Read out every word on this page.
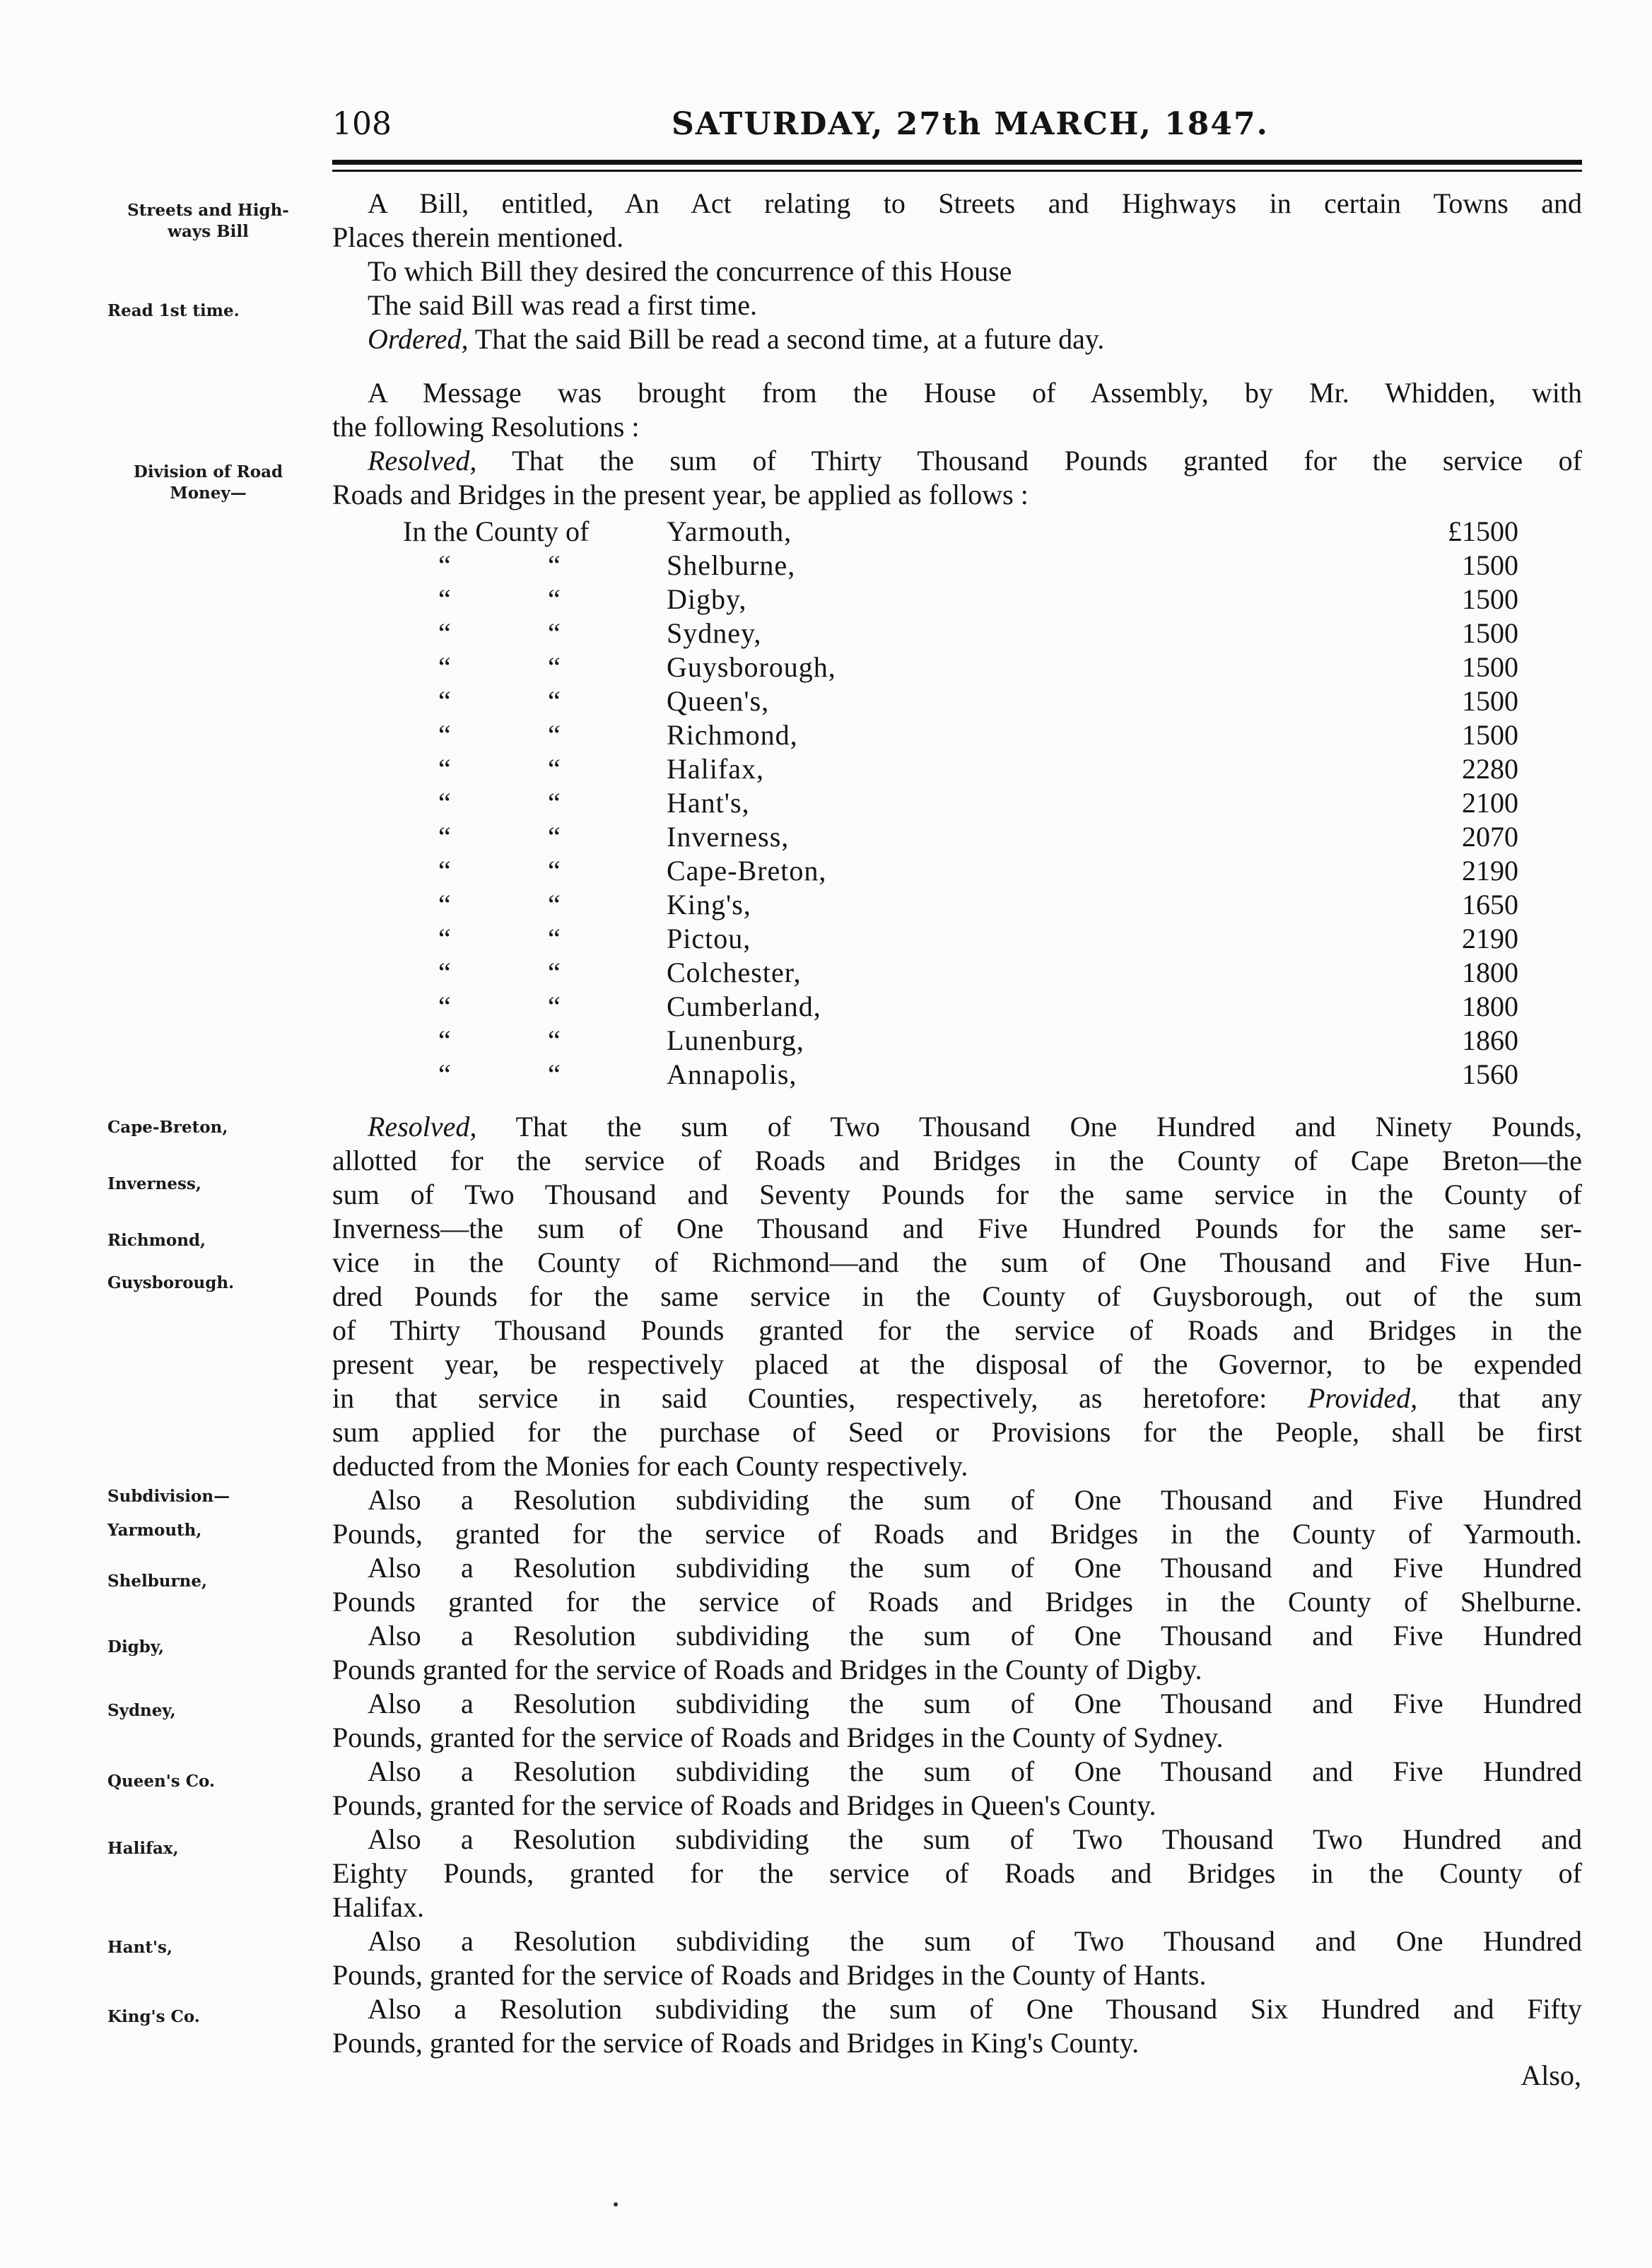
108	SATURDAY, 27th MARCH, 1847.
Streets and High-
ways Bill
Read 1st time.
Division of Road
Money—
Cape-Breton,
Inverness,
Richmond,
Guysborough.
Subdivision—
Yarmouth,
Shelburne,
Digby,
Sydney,
Queen's Co.
Halifax,
Hant's,
King's Co.
A Bill, entitled, An Act relating to Streets and Highways in certain Towns and
Places therein mentioned.
To which Bill they desired the concurrence of this House
The said Bill was read a first time.
Ordered, That the said Bill be read a second time, at a future day.
A Message was brought from the House of Assembly, by Mr. Whidden, with
the following Resolutions :
Resolved, That the sum of Thirty Thousand Pounds granted for the service of
Roads and Bridges in the present year, be applied as follows :
In the County of	Yarmouth,	£1500
“	“	Shelburne,	1500
“	“	Digby,	1500
“	“	Sydney,	1500
“	“	Guysborough,	1500
“	“	Queen's,	1500
“	“	Richmond,	1500
“	“	Halifax,	2280
“	“	Hant's,	2100
“	“	Inverness,	2070
“	“	Cape-Breton,	2190
“	“	King's,	1650
“	“	Pictou,	2190
“	“	Colchester,	1800
“	“	Cumberland,	1800
“	“	Lunenburg,	1860
“	“	Annapolis,	1560
Resolved, That the sum of Two Thousand One Hundred and Ninety Pounds,
allotted for the service of Roads and Bridges in the County of Cape Breton—the
sum of Two Thousand and Seventy Pounds for the same service in the County of
Inverness—the sum of One Thousand and Five Hundred Pounds for the same ser-
vice in the County of Richmond—and the sum of One Thousand and Five Hun-
dred Pounds for the same service in the County of Guysborough, out of the sum
of Thirty Thousand Pounds granted for the service of Roads and Bridges in the
present year, be respectively placed at the disposal of the Governor, to be expended
in that service in said Counties, respectively, as heretofore: Provided, that any
sum applied for the purchase of Seed or Provisions for the People, shall be first
deducted from the Monies for each County respectively.
Also a Resolution subdividing the sum of One Thousand and Five Hundred
Pounds, granted for the service of Roads and Bridges in the County of Yarmouth.
Also a Resolution subdividing the sum of One Thousand and Five Hundred
Pounds granted for the service of Roads and Bridges in the County of Shelburne.
Also a Resolution subdividing the sum of One Thousand and Five Hundred
Pounds granted for the service of Roads and Bridges in the County of Digby.
Also a Resolution subdividing the sum of One Thousand and Five Hundred
Pounds, granted for the service of Roads and Bridges in the County of Sydney.
Also a Resolution subdividing the sum of One Thousand and Five Hundred
Pounds, granted for the service of Roads and Bridges in Queen's County.
Also a Resolution subdividing the sum of Two Thousand Two Hundred and
Eighty Pounds, granted for the service of Roads and Bridges in the County of
Halifax.
Also a Resolution subdividing the sum of Two Thousand and One Hundred
Pounds, granted for the service of Roads and Bridges in the County of Hants.
Also a Resolution subdividing the sum of One Thousand Six Hundred and Fifty
Pounds, granted for the service of Roads and Bridges in King's County.
Also,
